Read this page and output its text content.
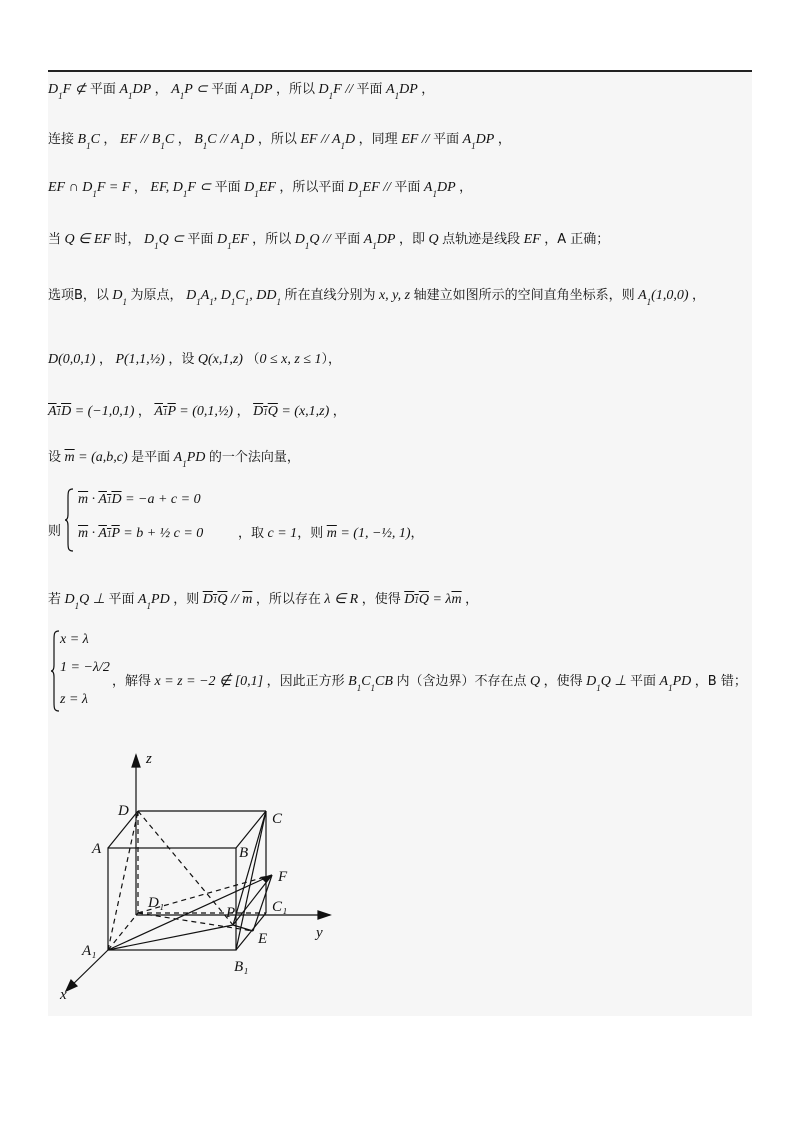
$D_1F$ ⊄ 平面 $A_1DP$ ， $A_1P$ ⊂ 平面 $A_1DP$ ，所以 $D_1F$ // 平面 $A_1DP$ ，
连接 $B_1C$ ， EF // $B_1C$ ， $B_1C // A_1D$ ，所以 EF // $A_1D$ ，同理 EF // 平面 $A_1DP$ ，
EF ∩ $D_1F = F$ ， EF, $D_1F$ ⊂ 平面 $D_1EF$ ，所以平面 $D_1EF$ // 平面 $A_1DP$ ，
当 Q ∈ EF 时， $D_1Q$ ⊂ 平面 $D_1EF$ ，所以 $D_1Q$ // 平面 $A_1DP$ ，即 Q 点轨迹是线段 EF ，A 正确；
选项B，以 $D_1$ 为原点， $D_1A_1$, $D_1C_1$, $DD_1$ 所在直线分别为 x, y, z 轴建立如图所示的空间直角坐标系，则 $A_1(1,0,0)$ ，
D(0,0,1) ， P(1,1,½) ，设 Q(x,1,z) （0 ≤ x, z ≤ 1），
A1D = (−1,0,1) ， A1P = (0,1,½) ， D1Q = (x,1,z) ，
设 $\overline{m} = (a,b,c)$ 是平面 $A_1PD$ 的一个法向量，
则
$\overline{m} \cdot A1D = -a + c = 0$
$\overline{m} \cdot A1P = b$ + ½ c = 0	，取 c = 1，则 $\overline{m} = (1$, −½, 1)，
若 $D_1Q$ ⊥ 平面 $A_1PD$ ，则 $D1Q // \overline{m}$ ，所以存在 λ ∈ R ，使得 $D1Q = \lambda\overline{m}$ ，
x = λ
1 = −λ/2
z = λ
，解得 x = z = −2 ∉ [0,1] ，因此正方形 $B_1C_1CB$ 内（含边界）不存在点 Q ，使得 $D_1Q$ ⊥ 平面 $A_1PD$ ，B 错；
z
D	C
A	B
F
D₁
P C₁
y
E
A₁
B₁
x
